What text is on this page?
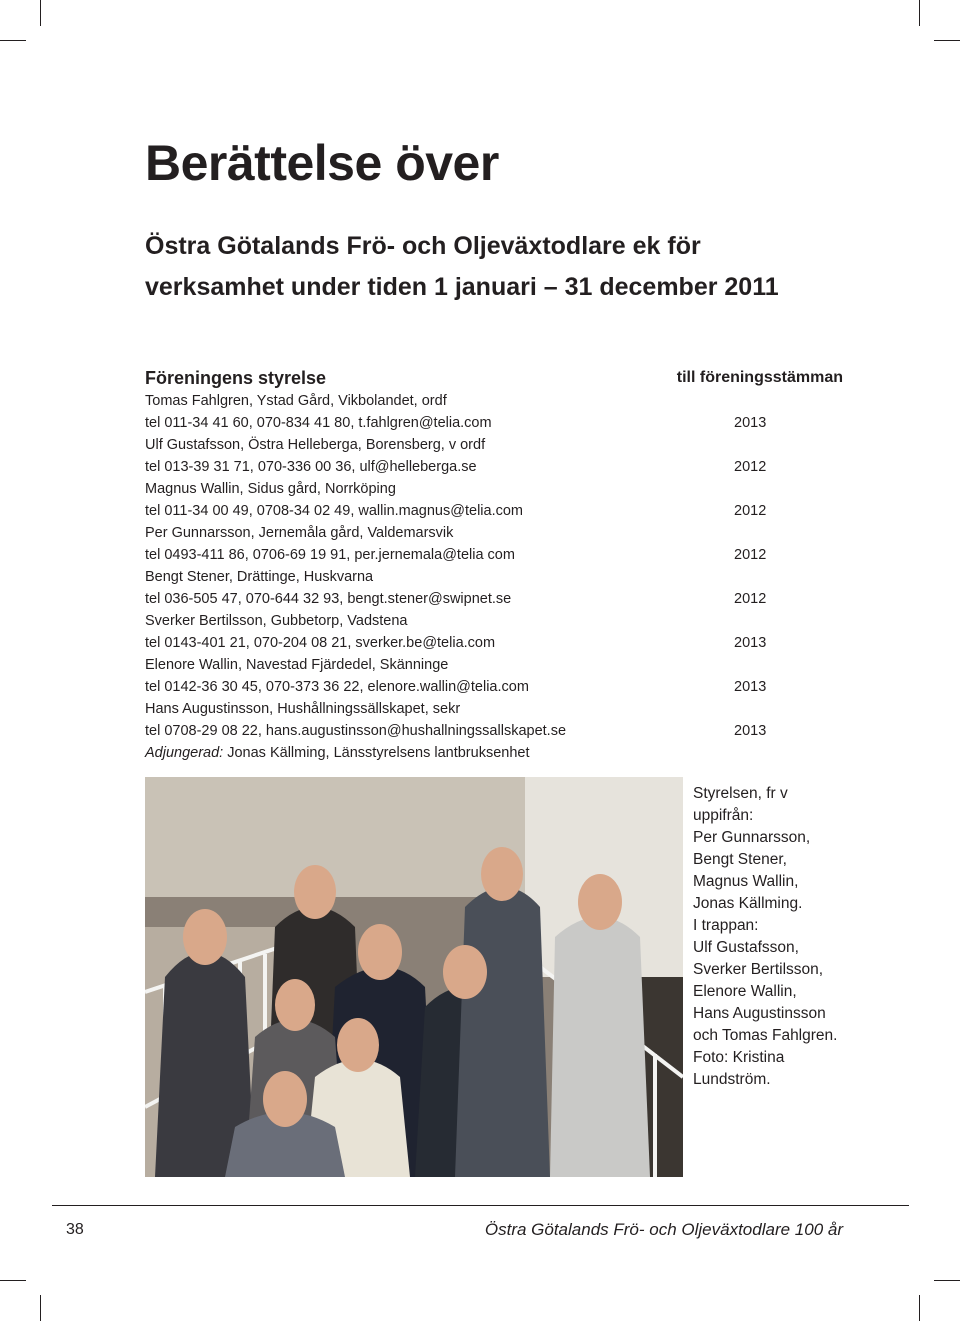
Berättelse över
Östra Götalands Frö- och Oljeväxtodlare ek för
verksamhet under tiden 1 januari – 31 december 2011
Föreningens styrelse	till föreningsstämman
Tomas Fahlgren, Ystad Gård, Vikbolandet, ordf
tel 011-34 41 60, 070-834 41 80, t.fahlgren@telia.com	2013
Ulf Gustafsson, Östra Helleberga, Borensberg, v ordf
tel 013-39 31 71, 070-336 00 36, ulf@helleberga.se	2012
Magnus Wallin, Sidus gård, Norrköping
tel 011-34 00 49, 0708-34 02 49, wallin.magnus@telia.com	2012
Per Gunnarsson, Jernemåla gård, Valdemarsvik
tel 0493-411 86, 0706-69 19 91, per.jernemala@telia com	2012
Bengt Stener, Drättinge, Huskvarna
tel 036-505 47, 070-644 32 93, bengt.stener@swipnet.se	2012
Sverker Bertilsson, Gubbetorp, Vadstena
tel 0143-401 21, 070-204 08 21, sverker.be@telia.com	2013
Elenore Wallin, Navestad Fjärdedel, Skänninge
tel 0142-36 30 45, 070-373 36 22, elenore.wallin@telia.com	2013
Hans Augustinsson, Hushållningssällskapet, sekr
tel 0708-29 08 22, hans.augustinsson@hushallningssallskapet.se	2013
Adjungerad: Jonas Källming, Länsstyrelsens lantbruksenhet
Styrelsen, fr v
uppifrån:
Per Gunnarsson,
Bengt Stener,
Magnus Wallin,
Jonas Källming.
I trappan:
Ulf Gustafsson,
Sverker Bertilsson,
Elenore Wallin,
Hans Augustinsson
och Tomas Fahlgren.
Foto: Kristina
Lundström.
38	Östra Götalands Frö- och Oljeväxtodlare 100 år
